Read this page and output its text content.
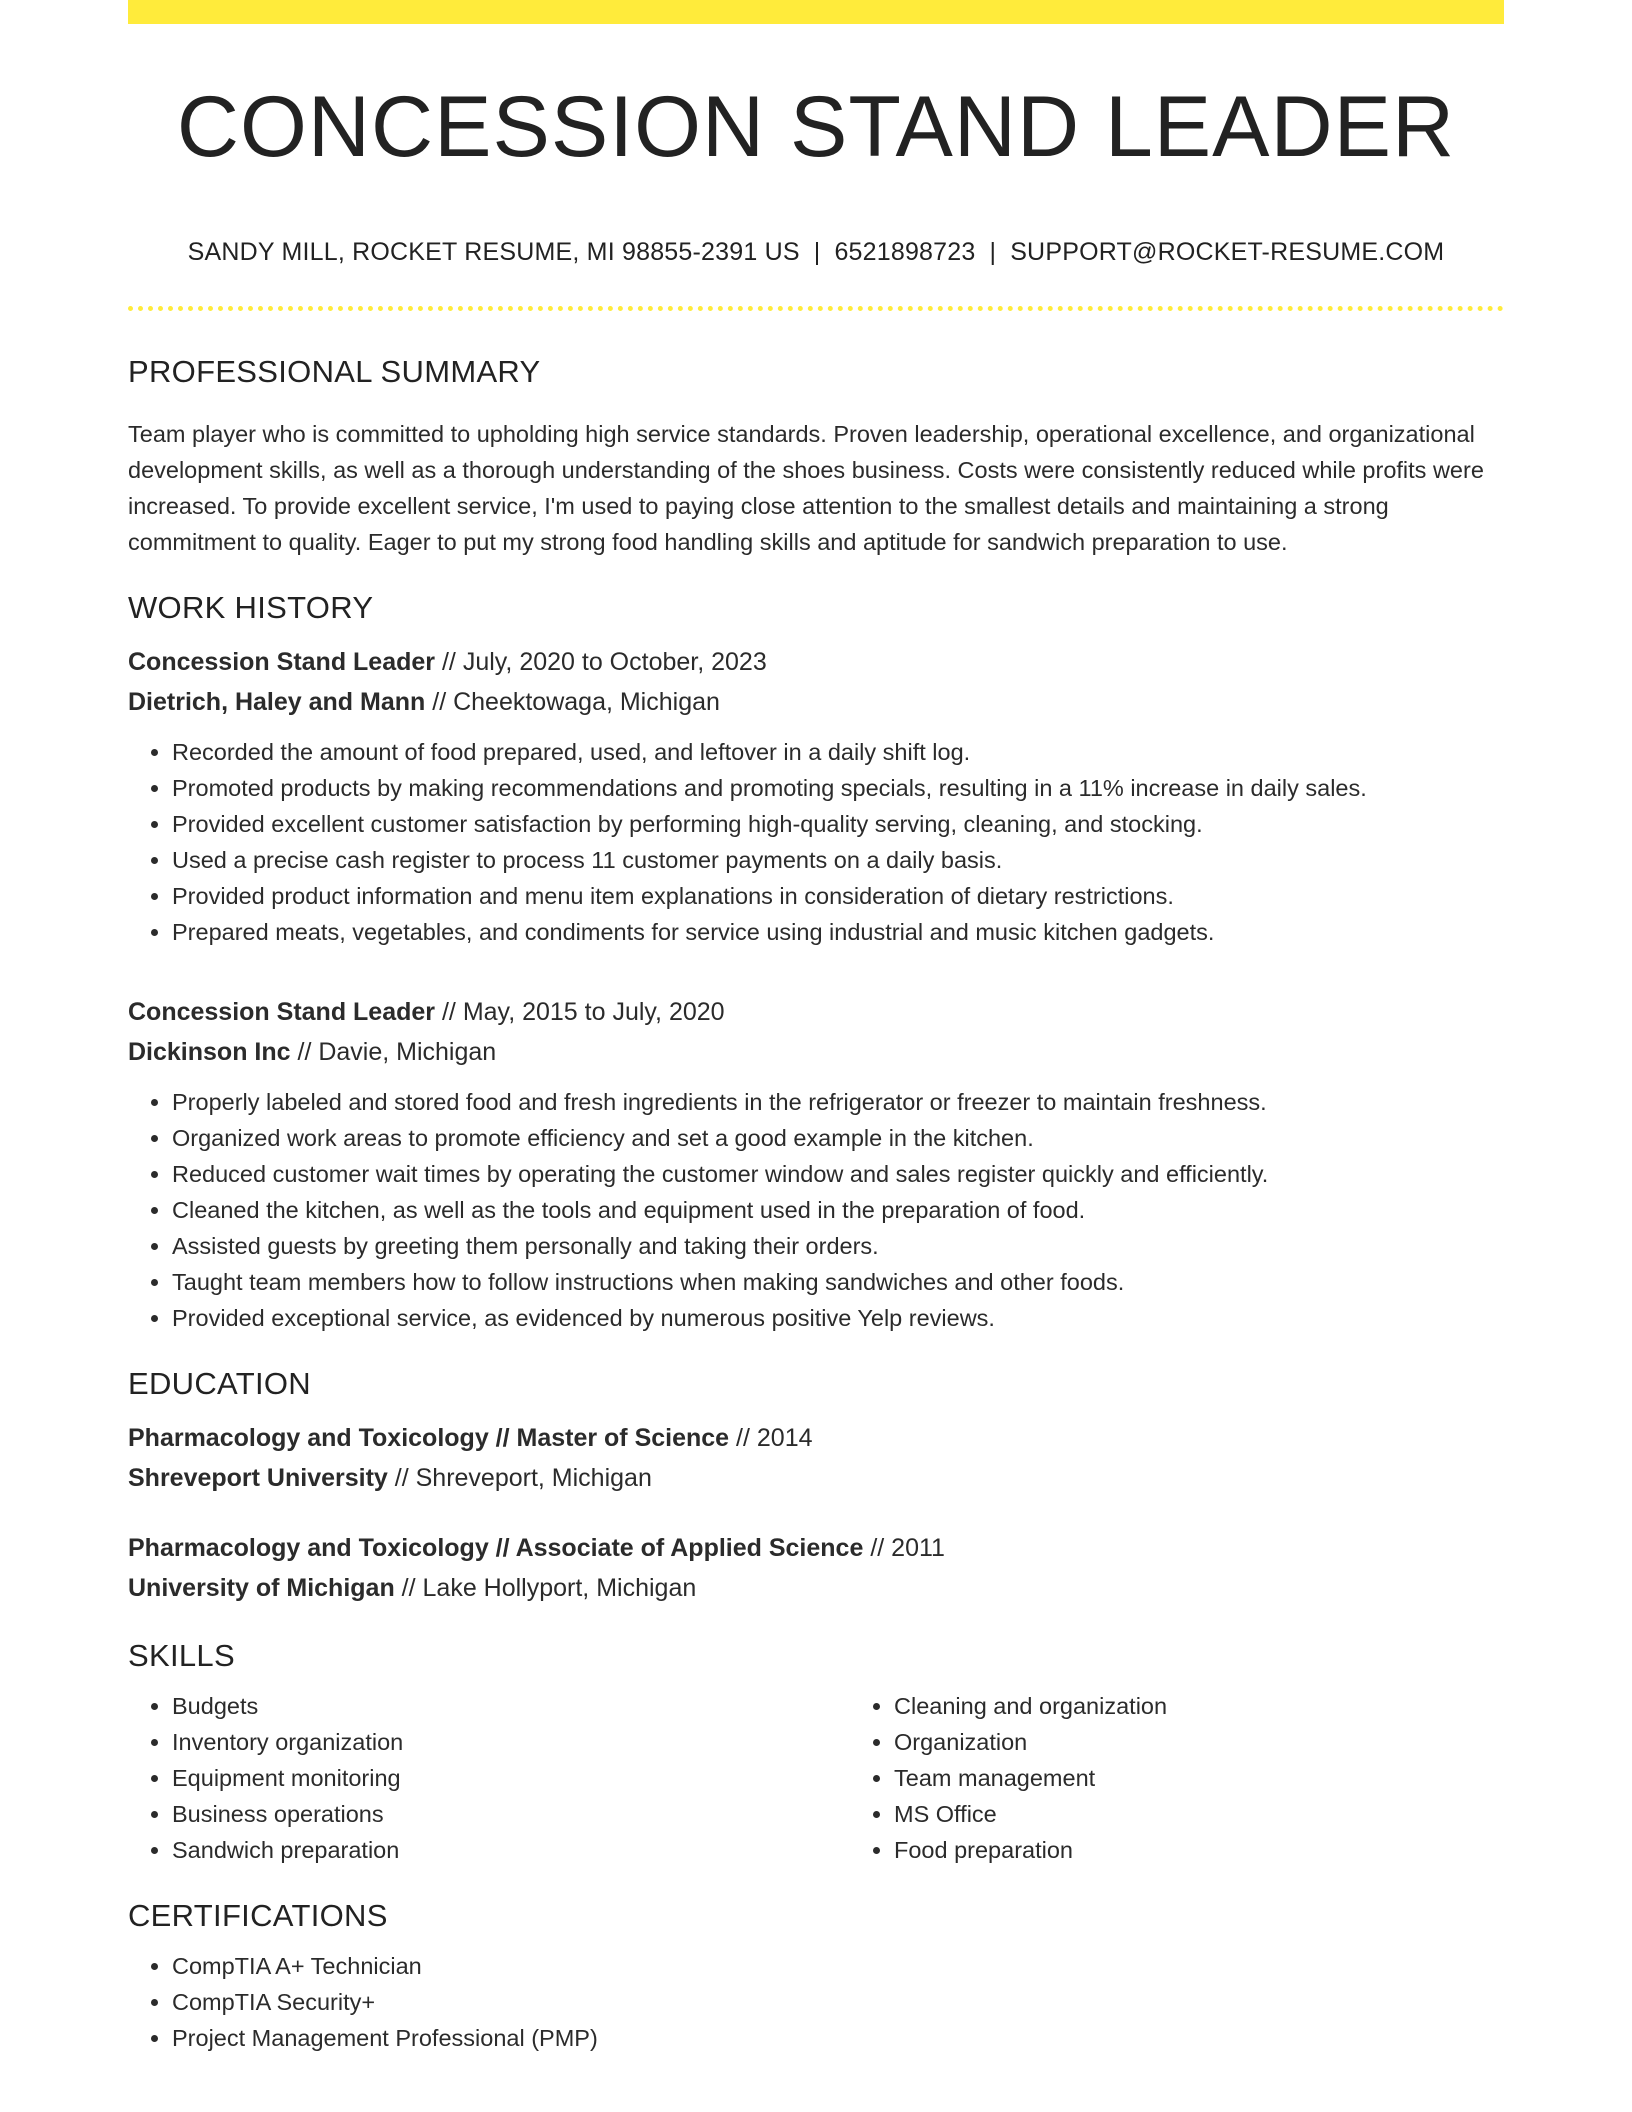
CONCESSION STAND LEADER
SANDY MILL, ROCKET RESUME, MI 98855-2391 US | 6521898723 | SUPPORT@ROCKET-RESUME.COM
PROFESSIONAL SUMMARY

Team player who is committed to upholding high service standards. Proven leadership, operational excellence, and organizational development skills, as well as a thorough understanding of the shoes business. Costs were consistently reduced while profits were increased. To provide excellent service, I'm used to paying close attention to the smallest details and maintaining a strong commitment to quality. Eager to put my strong food handling skills and aptitude for sandwich preparation to use.

WORK HISTORY
Concession Stand Leader // July, 2020 to October, 2023
Dietrich, Haley and Mann // Cheektowaga, Michigan
• Recorded the amount of food prepared, used, and leftover in a daily shift log.
• Promoted products by making recommendations and promoting specials, resulting in a 11% increase in daily sales.
• Provided excellent customer satisfaction by performing high-quality serving, cleaning, and stocking.
• Used a precise cash register to process 11 customer payments on a daily basis.
• Provided product information and menu item explanations in consideration of dietary restrictions.
• Prepared meats, vegetables, and condiments for service using industrial and music kitchen gadgets.
Concession Stand Leader // May, 2015 to July, 2020
Dickinson Inc // Davie, Michigan
• Properly labeled and stored food and fresh ingredients in the refrigerator or freezer to maintain freshness.
• Organized work areas to promote efficiency and set a good example in the kitchen.
• Reduced customer wait times by operating the customer window and sales register quickly and efficiently.
• Cleaned the kitchen, as well as the tools and equipment used in the preparation of food.
• Assisted guests by greeting them personally and taking their orders.
• Taught team members how to follow instructions when making sandwiches and other foods.
• Provided exceptional service, as evidenced by numerous positive Yelp reviews.
EDUCATION
Pharmacology and Toxicology // Master of Science // 2014
Shreveport University // Shreveport, Michigan
Pharmacology and Toxicology // Associate of Applied Science // 2011
University of Michigan // Lake Hollyport, Michigan
SKILLS
• Budgets
• Inventory organization
• Equipment monitoring
• Business operations
• Sandwich preparation
• Cleaning and organization
• Organization
• Team management
• MS Office
• Food preparation
CERTIFICATIONS
• CompTIA A+ Technician
• CompTIA Security+
• Project Management Professional (PMP)
